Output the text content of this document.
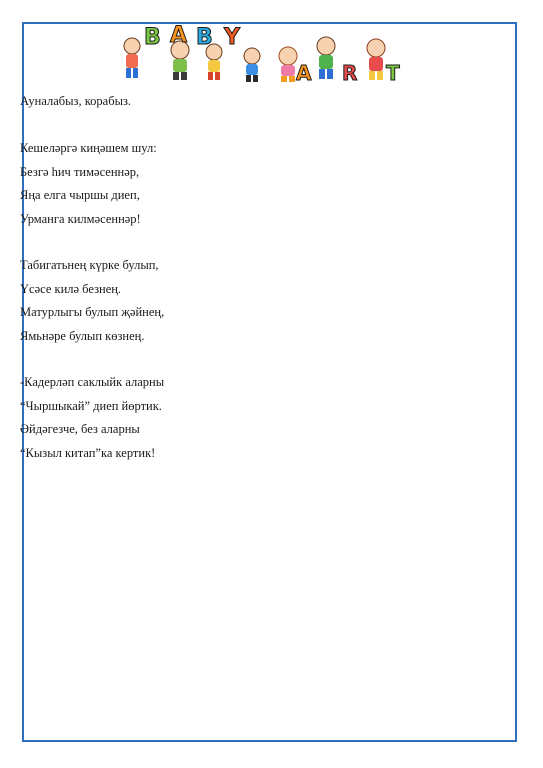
B A B Y
A R T
Ауналабыз, корабыз.
Кешеләргә киңәшем шул:
Безгә һич тимәсеннәр,
Яңа елга чыршы диеп,
Урманга килмәсеннәр!
Табигатьнең күрке булып,
Үсәсе килә безнең.
Матурлыгы булып җәйнең,
Ямьнәре булып көзнең.
-Кадерләп саклыйк аларны
“Чыршыкай” диеп йөртик.
Әйдәгезче, без аларны
“Кызыл китап”ка кертик!
